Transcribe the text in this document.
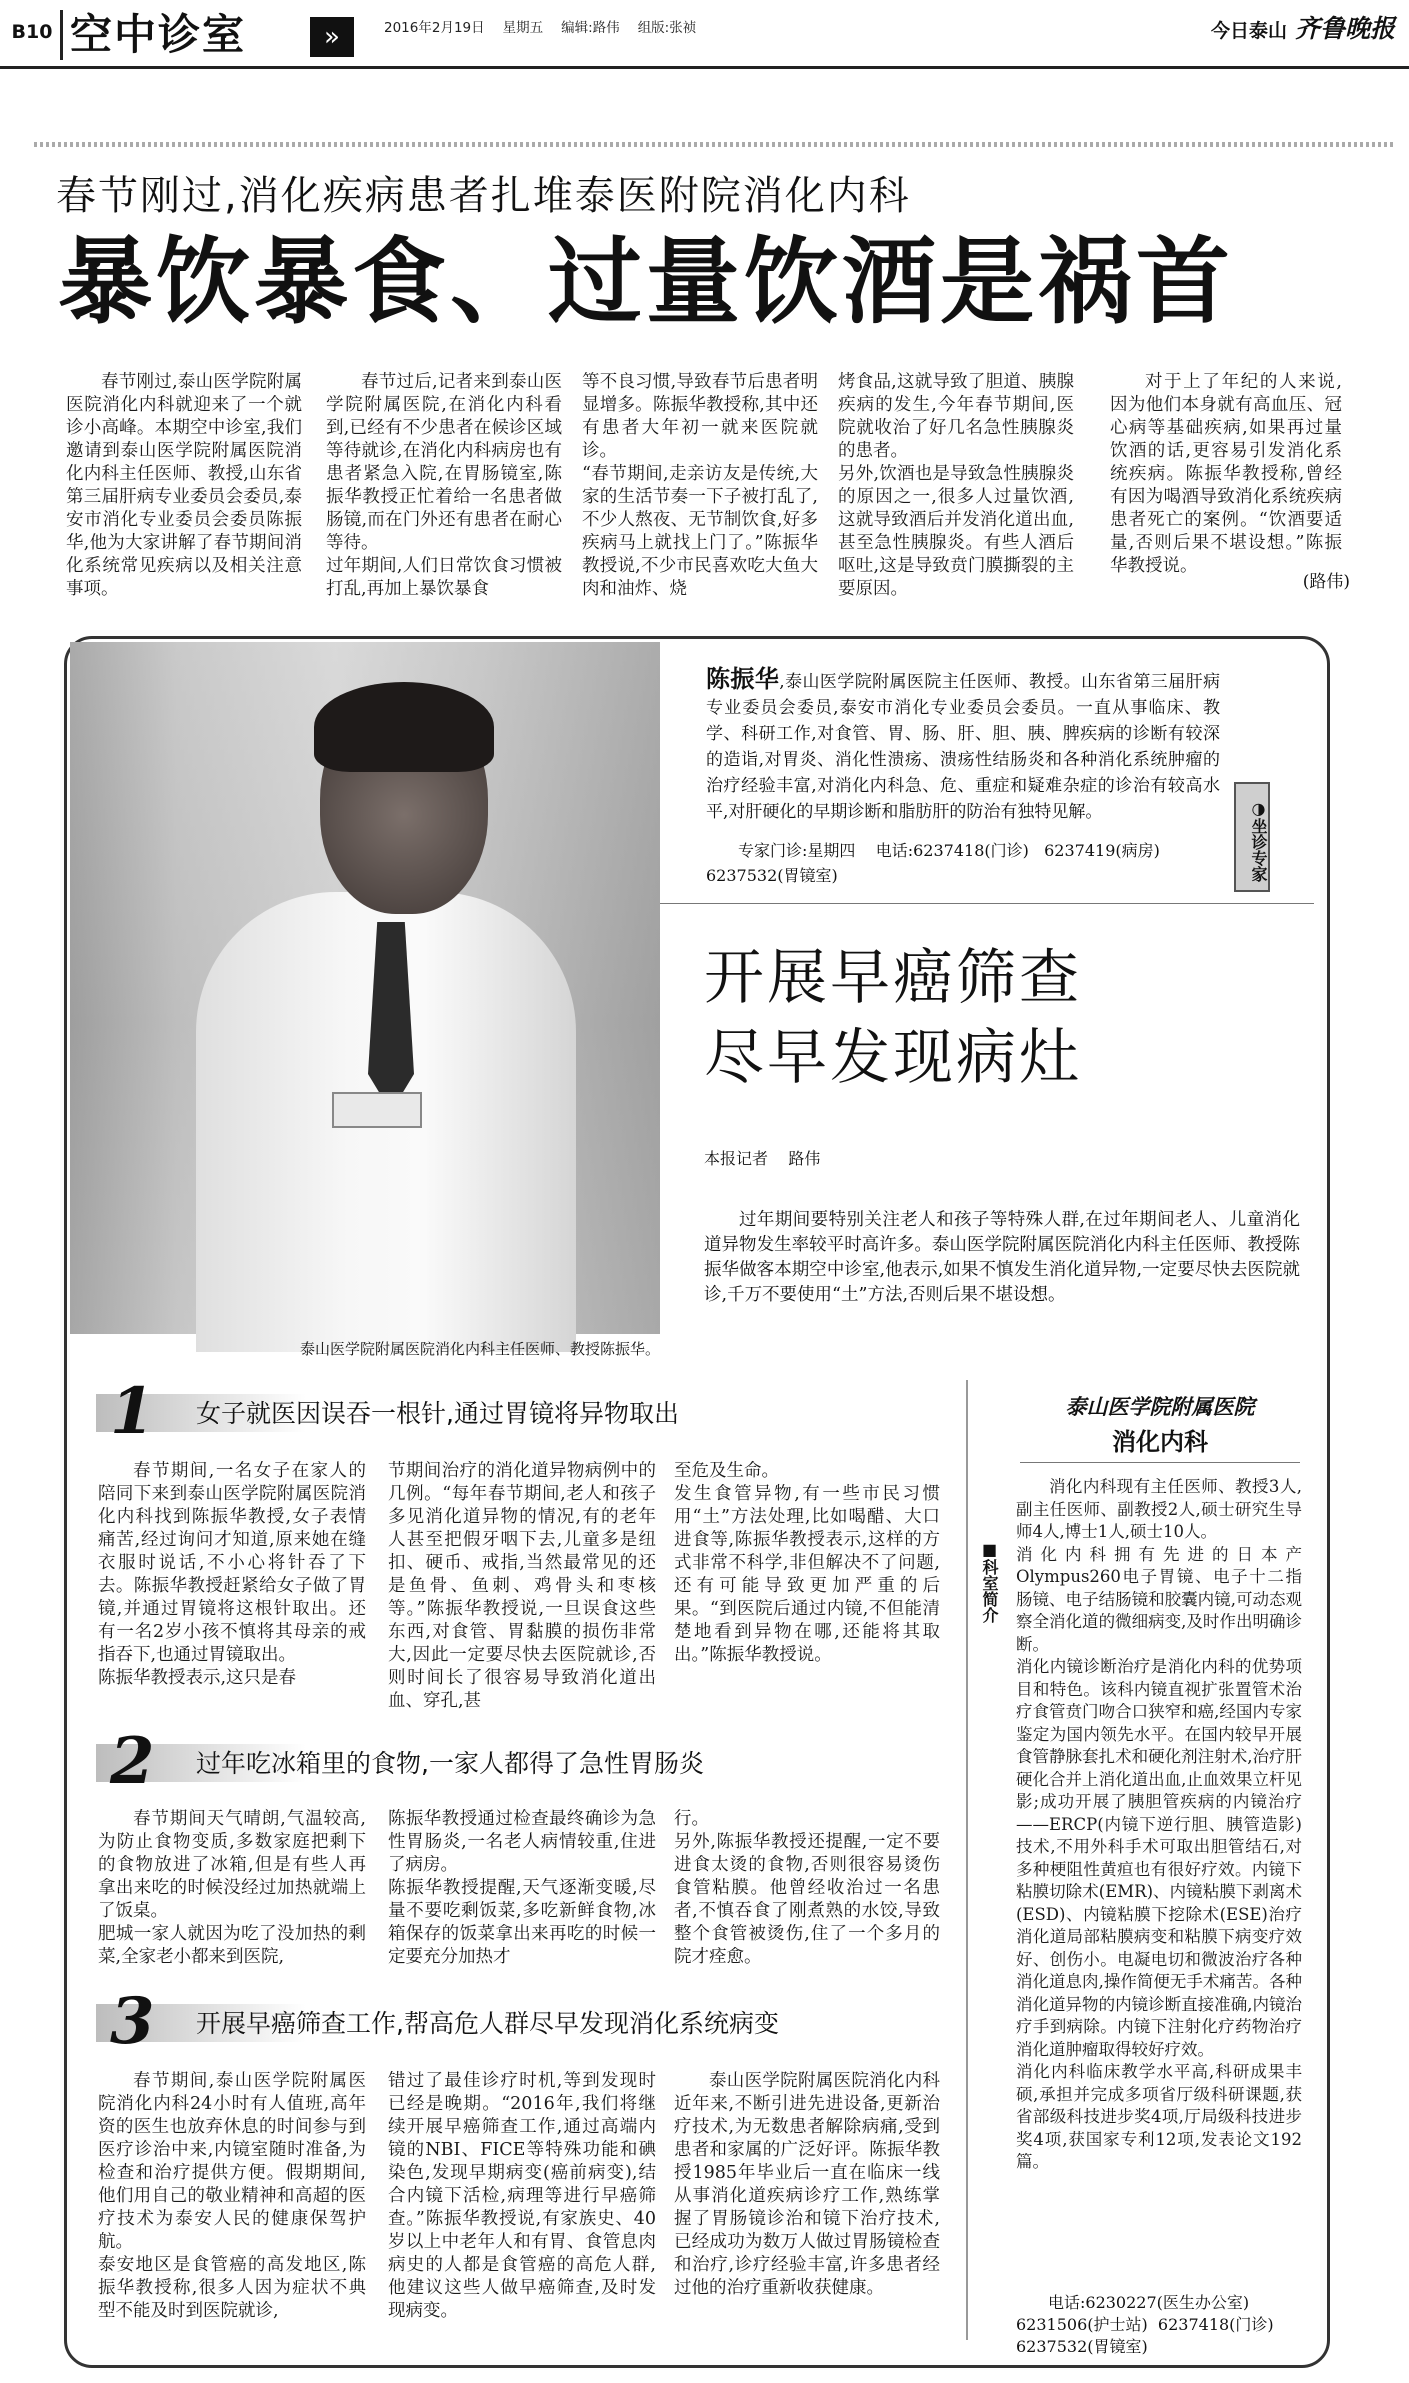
B10 空中诊室	»	2016年2月19日 星期五 编辑:路伟 组版:张祯	今日泰山 齐鲁晚报
春节刚过,消化疾病患者扎堆泰医附院消化内科
暴饮暴食、过量饮酒是祸首
春节刚过,泰山医学院附属医院消化内科就迎来了一个就诊小高峰。本期空中诊室,我们邀请到泰山医学院附属医院消化内科主任医师、教授,山东省第三届肝病专业委员会委员,泰安市消化专业委员会委员陈振华,他为大家讲解了春节期间消化系统常见疾病以及相关注意事项。
春节过后,记者来到泰山医学院附属医院,在消化内科看到,已经有不少患者在候诊区域等待就诊,在消化内科病房也有患者紧急入院,在胃肠镜室,陈振华教授正忙着给一名患者做肠镜,而在门外还有患者在耐心等待。
过年期间,人们日常饮食习惯被打乱,再加上暴饮暴食
等不良习惯,导致春节后患者明显增多。陈振华教授称,其中还有患者大年初一就来医院就诊。
“春节期间,走亲访友是传统,大家的生活节奏一下子被打乱了,不少人熬夜、无节制饮食,好多疾病马上就找上门了。”陈振华教授说,不少市民喜欢吃大鱼大肉和油炸、烧
烤食品,这就导致了胆道、胰腺疾病的发生,今年春节期间,医院就收治了好几名急性胰腺炎的患者。
另外,饮酒也是导致急性胰腺炎的原因之一,很多人过量饮酒,这就导致酒后并发消化道出血,甚至急性胰腺炎。有些人酒后呕吐,这是导致贲门膜撕裂的主要原因。
对于上了年纪的人来说,因为他们本身就有高血压、冠心病等基础疾病,如果再过量饮酒的话,更容易引发消化系统疾病。陈振华教授称,曾经有因为喝酒导致消化系统疾病患者死亡的案例。“饮酒要适量,否则后果不堪设想。”陈振华教授说。
(路伟)
泰山医学院附属医院消化内科主任医师、教授陈振华。
陈振华,泰山医学院附属医院主任医师、教授。山东省第三届肝病专业委员会委员,泰安市消化专业委员会委员。一直从事临床、教学、科研工作,对食管、胃、肠、肝、胆、胰、脾疾病的诊断有较深的造诣,对胃炎、消化性溃疡、溃疡性结肠炎和各种消化系统肿瘤的治疗经验丰富,对消化内科急、危、重症和疑难杂症的诊治有较高水平,对肝硬化的早期诊断和脂肪肝的防治有独特见解。
专家门诊:星期四    电话:6237418(门诊)   6237419(病房)
6237532(胃镜室)	◑坐诊专家
开展早癌筛查
尽早发现病灶
本报记者    路伟
过年期间要特别关注老人和孩子等特殊人群,在过年期间老人、儿童消化道异物发生率较平时高许多。泰山医学院附属医院消化内科主任医师、教授陈振华做客本期空中诊室,他表示,如果不慎发生消化道异物,一定要尽快去医院就诊,千万不要使用“土”方法,否则后果不堪设想。
1	女子就医因误吞一根针,通过胃镜将异物取出
春节期间,一名女子在家人的陪同下来到泰山医学院附属医院消化内科找到陈振华教授,女子表情痛苦,经过询问才知道,原来她在缝衣服时说话,不小心将针吞了下去。陈振华教授赶紧给女子做了胃镜,并通过胃镜将这根针取出。还有一名2岁小孩不慎将其母亲的戒指吞下,也通过胃镜取出。
陈振华教授表示,这只是春
节期间治疗的消化道异物病例中的几例。“每年春节期间,老人和孩子多见消化道异物的情况,有的老年人甚至把假牙咽下去,儿童多是纽扣、硬币、戒指,当然最常见的还是鱼骨、鱼刺、鸡骨头和枣核等。”陈振华教授说,一旦误食这些东西,对食管、胃黏膜的损伤非常大,因此一定要尽快去医院就诊,否则时间长了很容易导致消化道出血、穿孔,甚
至危及生命。
发生食管异物,有一些市民习惯用“土”方法处理,比如喝醋、大口进食等,陈振华教授表示,这样的方式非常不科学,非但解决不了问题,还有可能导致更加严重的后果。“到医院后通过内镜,不但能清楚地看到异物在哪,还能将其取出。”陈振华教授说。
2	过年吃冰箱里的食物,一家人都得了急性胃肠炎
春节期间天气晴朗,气温较高,为防止食物变质,多数家庭把剩下的食物放进了冰箱,但是有些人再拿出来吃的时候没经过加热就端上了饭桌。
肥城一家人就因为吃了没加热的剩菜,全家老小都来到医院,
陈振华教授通过检查最终确诊为急性胃肠炎,一名老人病情较重,住进了病房。
陈振华教授提醒,天气逐渐变暖,尽量不要吃剩饭菜,多吃新鲜食物,冰箱保存的饭菜拿出来再吃的时候一定要充分加热才
行。
另外,陈振华教授还提醒,一定不要进食太烫的食物,否则很容易烫伤食管粘膜。他曾经收治过一名患者,不慎吞食了刚煮熟的水饺,导致整个食管被烫伤,住了一个多月的院才痊愈。
3	开展早癌筛查工作,帮高危人群尽早发现消化系统病变
春节期间,泰山医学院附属医院消化内科24小时有人值班,高年资的医生也放弃休息的时间参与到医疗诊治中来,内镜室随时准备,为检查和治疗提供方便。假期期间,他们用自己的敬业精神和高超的医疗技术为泰安人民的健康保驾护航。
泰安地区是食管癌的高发地区,陈振华教授称,很多人因为症状不典型不能及时到医院就诊,
错过了最佳诊疗时机,等到发现时已经是晚期。“2016年,我们将继续开展早癌筛查工作,通过高端内镜的NBI、FICE等特殊功能和碘染色,发现早期病变(癌前病变),结合内镜下活检,病理等进行早癌筛查。”陈振华教授说,有家族史、40岁以上中老年人和有胃、食管息肉病史的人都是食管癌的高危人群,他建议这些人做早癌筛查,及时发现病变。
泰山医学院附属医院消化内科近年来,不断引进先进设备,更新治疗技术,为无数患者解除病痛,受到患者和家属的广泛好评。陈振华教授1985年毕业后一直在临床一线从事消化道疾病诊疗工作,熟练掌握了胃肠镜诊治和镜下治疗技术,已经成功为数万人做过胃肠镜检查和治疗,诊疗经验丰富,许多患者经过他的治疗重新收获健康。
■科室简介
泰山医学院附属医院
消化内科
消化内科现有主任医师、教授3人,副主任医师、副教授2人,硕士研究生导师4人,博士1人,硕士10人。
消化内科拥有先进的日本产Olympus260电子胃镜、电子十二指肠镜、电子结肠镜和胶囊内镜,可动态观察全消化道的微细病变,及时作出明确诊断。
消化内镜诊断治疗是消化内科的优势项目和特色。该科内镜直视扩张置管术治疗食管贲门吻合口狭窄和癌,经国内专家鉴定为国内领先水平。在国内较早开展食管静脉套扎术和硬化剂注射术,治疗肝硬化合并上消化道出血,止血效果立杆见影;成功开展了胰胆管疾病的内镜治疗——ERCP(内镜下逆行胆、胰管造影)技术,不用外科手术可取出胆管结石,对多种梗阻性黄疸也有很好疗效。内镜下粘膜切除术(EMR)、内镜粘膜下剥离术(ESD)、内镜粘膜下挖除术(ESE)治疗消化道局部粘膜病变和粘膜下病变疗效好、创伤小。电凝电切和微波治疗各种消化道息肉,操作简便无手术痛苦。各种消化道异物的内镜诊断直接准确,内镜治疗手到病除。内镜下注射化疗药物治疗消化道肿瘤取得较好疗效。
消化内科临床教学水平高,科研成果丰硕,承担并完成多项省厅级科研课题,获省部级科技进步奖4项,厅局级科技进步奖4项,获国家专利12项,发表论文192篇。
电话:6230227(医生办公室)
6231506(护士站)  6237418(门诊)
6237532(胃镜室)
